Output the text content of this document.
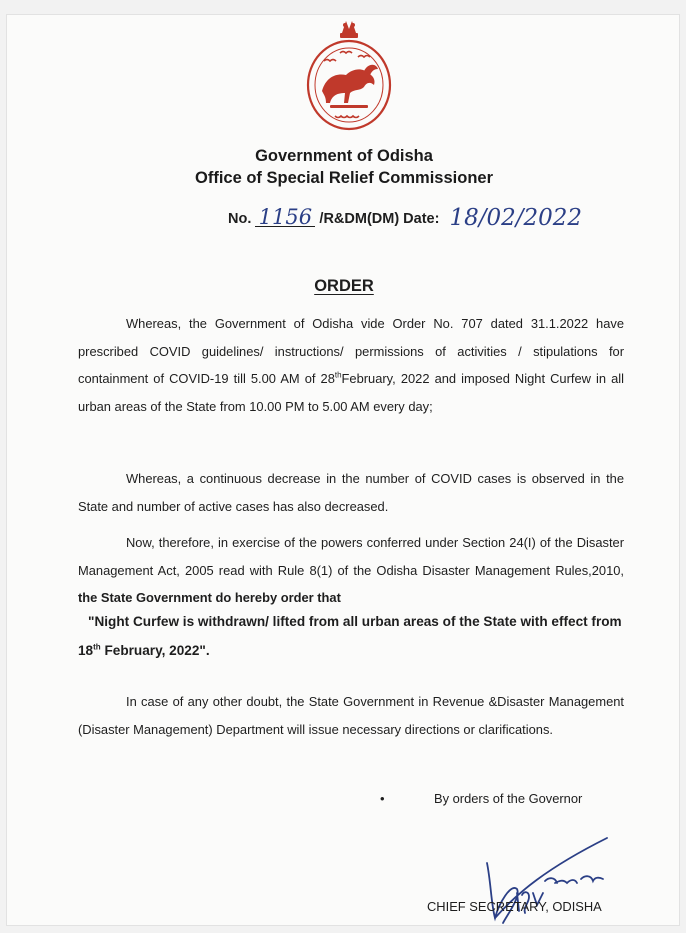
Government of Odisha
Office of Special Relief Commissioner
No. 1156 /R&DM(DM) Date: 18/02/2022
ORDER

Whereas, the Government of Odisha vide Order No. 707 dated 31.1.2022 have prescribed COVID guidelines/ instructions/ permissions of activities / stipulations for containment of COVID-19 till 5.00 AM of 28thFebruary, 2022 and imposed Night Curfew in all urban areas of the State from 10.00 PM to 5.00 AM every day;

Whereas, a continuous decrease in the number of COVID cases is observed in the State and number of active cases has also decreased.

Now, therefore, in exercise of the powers conferred under Section 24(I) of the Disaster Management Act, 2005 read with Rule 8(1) of the Odisha Disaster Management Rules,2010, the State Government do hereby order that

"Night Curfew is withdrawn/ lifted from all urban areas of the State with effect from 18th February, 2022".

In case of any other doubt, the State Government in Revenue &Disaster Management (Disaster Management) Department will issue necessary directions or clarifications.

•	By orders of the Governor
CHIEF SECRETARY, ODISHA
